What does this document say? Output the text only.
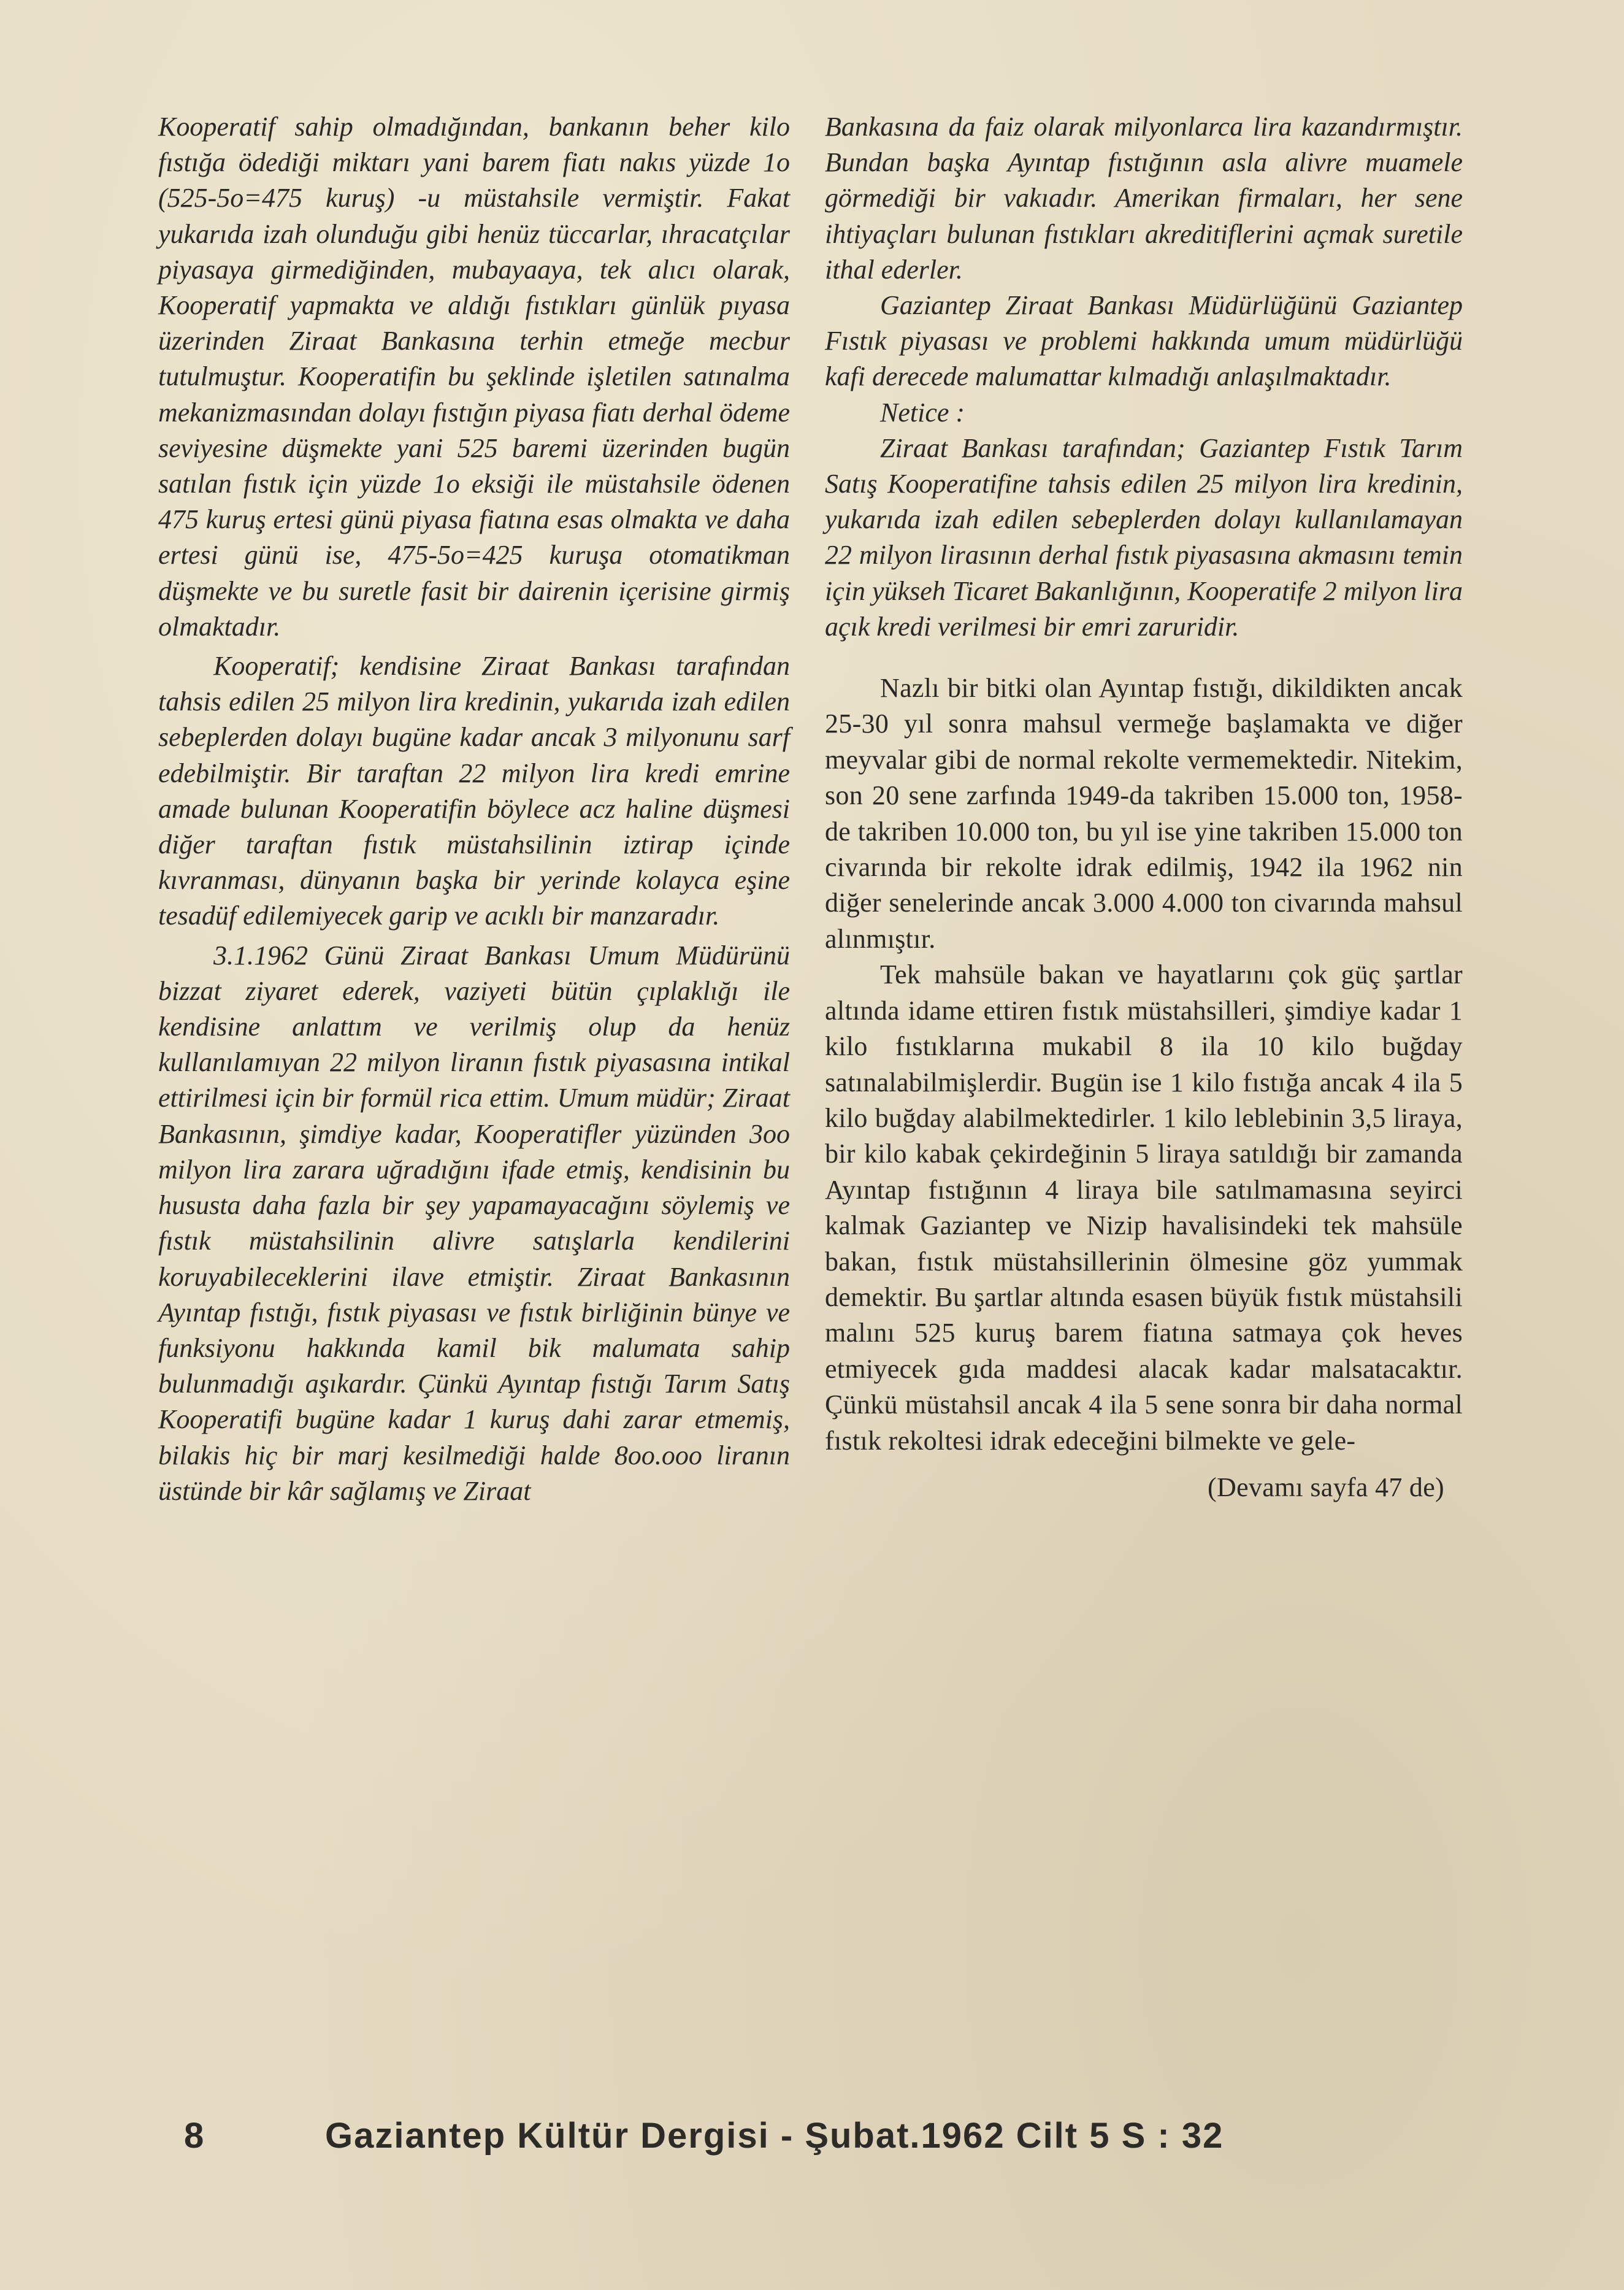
Kooperatif sahip olmadığından, bankanın beher kilo fıstığa ödediği miktarı yani barem fiatı nakıs yüzde 1o (525-5o=475 kuruş) -u müstahsile vermiştir. Fakat yukarıda izah olunduğu gibi henüz tüccarlar, ıhracatçılar piyasaya girmediğinden, mubayaaya, tek alıcı olarak, Kooperatif yapmakta ve aldığı fıstıkları günlük pıyasa üzerinden Ziraat Bankasına terhin etmeğe mecbur tutulmuştur. Kooperatifin bu şeklinde işletilen satınalma mekanizmasından dolayı fıstığın piyasa fiatı derhal ödeme seviyesine düşmekte yani 525 baremi üzerinden bugün satılan fıstık için yüzde 1o eksiği ile müstahsile ödenen 475 kuruş ertesi günü piyasa fiatına esas olmakta ve daha ertesi günü ise, 475-5o=425 kuruşa otomatikman düşmekte ve bu suretle fasit bir dairenin içerisine girmiş olmaktadır.

Kooperatif; kendisine Ziraat Bankası tarafından tahsis edilen 25 milyon lira kredinin, yukarıda izah edilen sebeplerden dolayı bugüne kadar ancak 3 milyonunu sarf edebilmiştir. Bir taraftan 22 milyon lira kredi emrine amade bulunan Kooperatifin böylece acz haline düşmesi diğer taraftan fıstık müstahsilinin iztirap içinde kıvranması, dünyanın başka bir yerinde kolayca eşine tesadüf edilemiyecek garip ve acıklı bir manzaradır.

3.1.1962 Günü Ziraat Bankası Umum Müdürünü bizzat ziyaret ederek, vaziyeti bütün çıplaklığı ile kendisine anlattım ve verilmiş olup da henüz kullanılamıyan 22 milyon liranın fıstık piyasasına intikal ettirilmesi için bir formül rica ettim. Umum müdür; Ziraat Bankasının, şimdiye kadar, Kooperatifler yüzünden 3oo milyon lira zarara uğradığını ifade etmiş, kendisinin bu hususta daha fazla bir şey yapamayacağını söylemiş ve fıstık müstahsilinin alivre satışlarla kendilerini koruyabileceklerini ilave etmiştir. Ziraat Bankasının Ayıntap fıstığı, fıstık piyasası ve fıstık birliğinin bünye ve funksiyonu hakkında kamil bik malumata sahip bulunmadığı aşıkardır. Çünkü Ayıntap fıstığı Tarım Satış Kooperatifi bugüne kadar 1 kuruş dahi zarar etmemiş, bilakis hiç bir marj kesilmediği halde 8oo.ooo liranın üstünde bir kâr sağlamış ve Ziraat

Bankasına da faiz olarak milyonlarca lira kazandırmıştır. Bundan başka Ayıntap fıstığının asla alivre muamele görmediği bir vakıadır. Amerikan firmaları, her sene ihtiyaçları bulunan fıstıkları akreditiflerini açmak suretile ithal ederler.

Gaziantep Ziraat Bankası Müdürlüğünü Gaziantep Fıstık piyasası ve problemi hakkında umum müdürlüğü kafi derecede malumattar kılmadığı anlaşılmaktadır.

Netice :

Ziraat Bankası tarafından; Gaziantep Fıstık Tarım Satış Kooperatifine tahsis edilen 25 milyon lira kredinin, yukarıda izah edilen sebeplerden dolayı kullanılamayan 22 milyon lirasının derhal fıstık piyasasına akmasını temin için yükseh Ticaret Bakanlığının, Kooperatife 2 milyon lira açık kredi verilmesi bir emri zaruridir.

Nazlı bir bitki olan Ayıntap fıstığı, dikildikten ancak 25-30 yıl sonra mahsul vermeğe başlamakta ve diğer meyvalar gibi de normal rekolte vermemektedir. Nitekim, son 20 sene zarfında 1949-da takriben 15.000 ton, 1958-de takriben 10.000 ton, bu yıl ise yine takriben 15.000 ton civarında bir rekolte idrak edilmiş, 1942 ila 1962 nin diğer senelerinde ancak 3.000 4.000 ton civarında mahsul alınmıştır.

Tek mahsüle bakan ve hayatlarını çok güç şartlar altında idame ettiren fıstık müstahsilleri, şimdiye kadar 1 kilo fıstıklarına mukabil 8 ila 10 kilo buğday satınalabilmişlerdir. Bugün ise 1 kilo fıstığa ancak 4 ila 5 kilo buğday alabilmektedirler. 1 kilo leblebinin 3,5 liraya, bir kilo kabak çekirdeğinin 5 liraya satıldığı bir zamanda Ayıntap fıstığının 4 liraya bile satılmamasına seyirci kalmak Gaziantep ve Nizip havalisindeki tek mahsüle bakan, fıstık müstahsillerinin ölmesine göz yummak demektir. Bu şartlar altında esasen büyük fıstık müstahsili malını 525 kuruş barem fiatına satmaya çok heves etmiyecek gıda maddesi alacak kadar malsatacaktır. Çünkü müstahsil ancak 4 ila 5 sene sonra bir daha normal fıstık rekoltesi idrak edeceğini bilmekte ve gele-

(Devamı sayfa 47 de)

8	Gaziantep Kültür Dergisi - Şubat.1962 Cilt 5 S : 32
